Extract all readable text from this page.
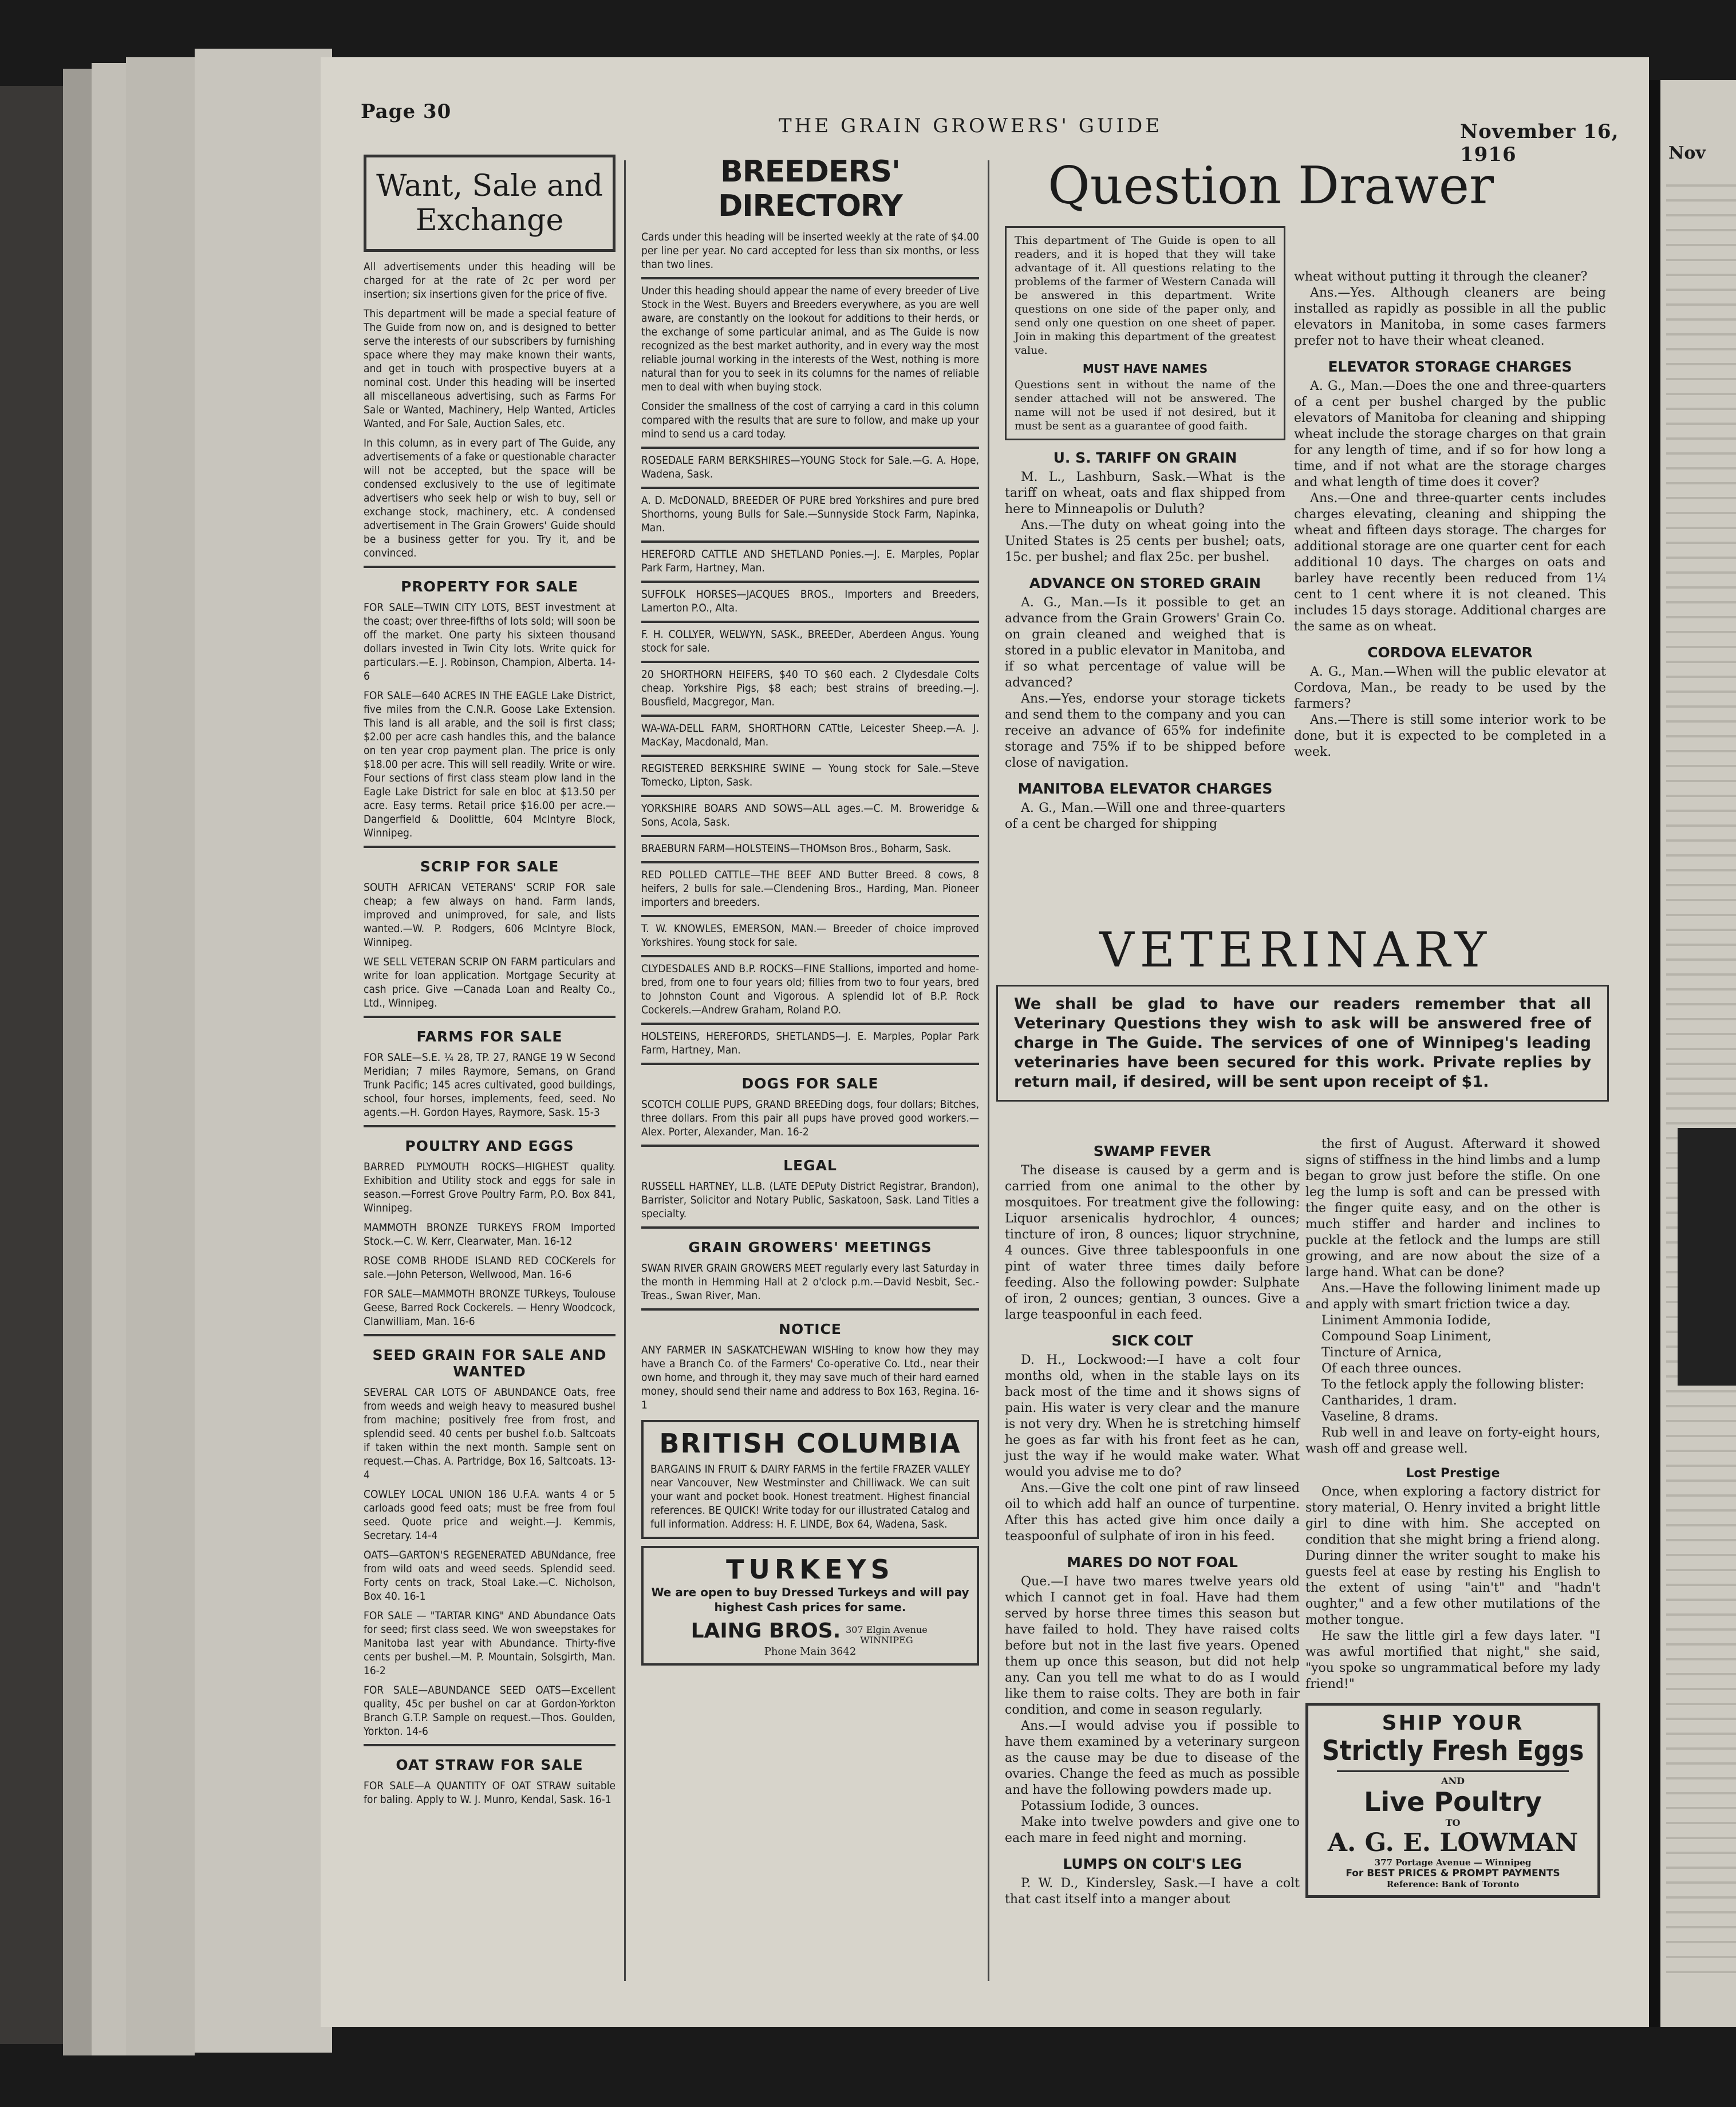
Nov
Page 30
THE GRAIN GROWERS' GUIDE	November 16, 1916
Want, Sale and Exchange

All advertisements under this heading will be charged for at the rate of 2c per word per insertion; six insertions given for the price of five.

This department will be made a special feature of The Guide from now on, and is designed to better serve the interests of our subscribers by furnishing space where they may make known their wants, and get in touch with prospective buyers at a nominal cost. Under this heading will be inserted all miscellaneous advertising, such as Farms For Sale or Wanted, Machinery, Help Wanted, Articles Wanted, and For Sale, Auction Sales, etc.

In this column, as in every part of The Guide, any advertisements of a fake or questionable character will not be accepted, but the space will be condensed exclusively to the use of legitimate advertisers who seek help or wish to buy, sell or exchange stock, machinery, etc. A condensed advertisement in The Grain Growers' Guide should be a business getter for you. Try it, and be convinced.

PROPERTY FOR SALE

FOR SALE—TWIN CITY LOTS, BEST investment at the coast; over three-fifths of lots sold; will soon be off the market. One party his sixteen thousand dollars invested in Twin City lots. Write quick for particulars.—E. J. Robinson, Champion, Alberta. 14-6

FOR SALE—640 ACRES IN THE EAGLE Lake District, five miles from the C.N.R. Goose Lake Extension. This land is all arable, and the soil is first class; $2.00 per acre cash handles this, and the balance on ten year crop payment plan. The price is only $18.00 per acre. This will sell readily. Write or wire. Four sections of first class steam plow land in the Eagle Lake District for sale en bloc at $13.50 per acre. Easy terms. Retail price $16.00 per acre.—Dangerfield & Doolittle, 604 McIntyre Block, Winnipeg.

SCRIP FOR SALE

SOUTH AFRICAN VETERANS' SCRIP FOR sale cheap; a few always on hand. Farm lands, improved and unimproved, for sale, and lists wanted.—W. P. Rodgers, 606 McIntyre Block, Winnipeg.

WE SELL VETERAN SCRIP ON FARM particulars and write for loan application. Mortgage Security at cash price. Give —Canada Loan and Realty Co., Ltd., Winnipeg.

FARMS FOR SALE

FOR SALE—S.E. ¼ 28, TP. 27, RANGE 19 W Second Meridian; 7 miles Raymore, Semans, on Grand Trunk Pacific; 145 acres cultivated, good buildings, school, four horses, implements, feed, seed. No agents.—H. Gordon Hayes, Raymore, Sask. 15-3

POULTRY AND EGGS

BARRED PLYMOUTH ROCKS—HIGHEST quality. Exhibition and Utility stock and eggs for sale in season.—Forrest Grove Poultry Farm, P.O. Box 841, Winnipeg.

MAMMOTH BRONZE TURKEYS FROM Imported Stock.—C. W. Kerr, Clearwater, Man. 16-12

ROSE COMB RHODE ISLAND RED COCKerels for sale.—John Peterson, Wellwood, Man. 16-6

FOR SALE—MAMMOTH BRONZE TURkeys, Toulouse Geese, Barred Rock Cockerels. — Henry Woodcock, Clanwilliam, Man. 16-6

SEED GRAIN FOR SALE AND WANTED

SEVERAL CAR LOTS OF ABUNDANCE Oats, free from weeds and weigh heavy to measured bushel from machine; positively free from frost, and splendid seed. 40 cents per bushel f.o.b. Saltcoats if taken within the next month. Sample sent on request.—Chas. A. Partridge, Box 16, Saltcoats. 13-4

COWLEY LOCAL UNION 186 U.F.A. wants 4 or 5 carloads good feed oats; must be free from foul seed. Quote price and weight.—J. Kemmis, Secretary. 14-4

OATS—GARTON'S REGENERATED ABUNdance, free from wild oats and weed seeds. Splendid seed. Forty cents on track, Stoal Lake.—C. Nicholson, Box 40. 16-1

FOR SALE — "TARTAR KING" AND Abundance Oats for seed; first class seed. We won sweepstakes for Manitoba last year with Abundance. Thirty-five cents per bushel.—M. P. Mountain, Solsgirth, Man. 16-2

FOR SALE—ABUNDANCE SEED OATS—Excellent quality, 45c per bushel on car at Gordon-Yorkton Branch G.T.P. Sample on request.—Thos. Goulden, Yorkton. 14-6

OAT STRAW FOR SALE

FOR SALE—A QUANTITY OF OAT STRAW suitable for baling. Apply to W. J. Munro, Kendal, Sask. 16-1

BREEDERS' DIRECTORY

Cards under this heading will be inserted weekly at the rate of $4.00 per line per year. No card accepted for less than six months, or less than two lines.

Under this heading should appear the name of every breeder of Live Stock in the West. Buyers and Breeders everywhere, as you are well aware, are constantly on the lookout for additions to their herds, or the exchange of some particular animal, and as The Guide is now recognized as the best market authority, and in every way the most reliable journal working in the interests of the West, nothing is more natural than for you to seek in its columns for the names of reliable men to deal with when buying stock.

Consider the smallness of the cost of carrying a card in this column compared with the results that are sure to follow, and make up your mind to send us a card today.

ROSEDALE FARM BERKSHIRES—YOUNG Stock for Sale.—G. A. Hope, Wadena, Sask.

A. D. McDONALD, BREEDER OF PURE bred Yorkshires and pure bred Shorthorns, young Bulls for Sale.—Sunnyside Stock Farm, Napinka, Man.

HEREFORD CATTLE AND SHETLAND Ponies.—J. E. Marples, Poplar Park Farm, Hartney, Man.

SUFFOLK HORSES—JACQUES BROS., Importers and Breeders, Lamerton P.O., Alta.

F. H. COLLYER, WELWYN, SASK., BREEDer, Aberdeen Angus. Young stock for sale.

20 SHORTHORN HEIFERS, $40 TO $60 each. 2 Clydesdale Colts cheap. Yorkshire Pigs, $8 each; best strains of breeding.—J. Bousfield, Macgregor, Man.

WA-WA-DELL FARM, SHORTHORN CATtle, Leicester Sheep.—A. J. MacKay, Macdonald, Man.

REGISTERED BERKSHIRE SWINE — Young stock for Sale.—Steve Tomecko, Lipton, Sask.

YORKSHIRE BOARS AND SOWS—ALL ages.—C. M. Broweridge & Sons, Acola, Sask.

BRAEBURN FARM—HOLSTEINS—THOMson Bros., Boharm, Sask.

RED POLLED CATTLE—THE BEEF AND Butter Breed. 8 cows, 8 heifers, 2 bulls for sale.—Clendening Bros., Harding, Man. Pioneer importers and breeders.

T. W. KNOWLES, EMERSON, MAN.— Breeder of choice improved Yorkshires. Young stock for sale.

CLYDESDALES AND B.P. ROCKS—FINE Stallions, imported and home-bred, from one to four years old; fillies from two to four years, bred to Johnston Count and Vigorous. A splendid lot of B.P. Rock Cockerels.—Andrew Graham, Roland P.O.

HOLSTEINS, HEREFORDS, SHETLANDS—J. E. Marples, Poplar Park Farm, Hartney, Man.

DOGS FOR SALE

SCOTCH COLLIE PUPS, GRAND BREEDing dogs, four dollars; Bitches, three dollars. From this pair all pups have proved good workers.—Alex. Porter, Alexander, Man. 16-2

LEGAL

RUSSELL HARTNEY, LL.B. (LATE DEPuty District Registrar, Brandon), Barrister, Solicitor and Notary Public, Saskatoon, Sask. Land Titles a specialty.

GRAIN GROWERS' MEETINGS

SWAN RIVER GRAIN GROWERS MEET regularly every last Saturday in the month in Hemming Hall at 2 o'clock p.m.—David Nesbit, Sec.-Treas., Swan River, Man.

NOTICE

ANY FARMER IN SASKATCHEWAN WISHing to know how they may have a Branch Co. of the Farmers' Co-operative Co. Ltd., near their own home, and through it, they may save much of their hard earned money, should send their name and address to Box 163, Regina. 16-1

BRITISH COLUMBIA

BARGAINS IN FRUIT & DAIRY FARMS in the fertile FRAZER VALLEY near Vancouver, New Westminster and Chilliwack. We can suit your want and pocket book. Honest treatment. Highest financial references. BE QUICK! Write today for our illustrated Catalog and full information. Address: H. F. LINDE, Box 64, Wadena, Sask.

TURKEYS
We are open to buy Dressed Turkeys and will pay highest Cash prices for same.
LAING BROS. 307 Elgin Avenue WINNIPEG
Phone Main 3642
Question Drawer

This department of The Guide is open to all readers, and it is hoped that they will take advantage of it. All questions relating to the problems of the farmer of Western Canada will be answered in this department. Write questions on one side of the paper only, and send only one question on one sheet of paper. Join in making this department of the greatest value.

MUST HAVE NAMES

Questions sent in without the name of the sender attached will not be answered. The name will not be used if not desired, but it must be sent as a guarantee of good faith.

U. S. TARIFF ON GRAIN

M. L., Lashburn, Sask.—What is the tariff on wheat, oats and flax shipped from here to Minneapolis or Duluth?

Ans.—The duty on wheat going into the United States is 25 cents per bushel; oats, 15c. per bushel; and flax 25c. per bushel.

ADVANCE ON STORED GRAIN

A. G., Man.—Is it possible to get an advance from the Grain Growers' Grain Co. on grain cleaned and weighed that is stored in a public elevator in Manitoba, and if so what percentage of value will be advanced?

Ans.—Yes, endorse your storage tickets and send them to the company and you can receive an advance of 65% for indefinite storage and 75% if to be shipped before close of navigation.

MANITOBA ELEVATOR CHARGES

A. G., Man.—Will one and three-quarters of a cent be charged for shipping

wheat without putting it through the cleaner?

Ans.—Yes. Although cleaners are being installed as rapidly as possible in all the public elevators in Manitoba, in some cases farmers prefer not to have their wheat cleaned.

ELEVATOR STORAGE CHARGES

A. G., Man.—Does the one and three-quarters of a cent per bushel charged by the public elevators of Manitoba for cleaning and shipping wheat include the storage charges on that grain for any length of time, and if so for how long a time, and if not what are the storage charges and what length of time does it cover?

Ans.—One and three-quarter cents includes charges elevating, cleaning and shipping the wheat and fifteen days storage. The charges for additional storage are one quarter cent for each additional 10 days. The charges on oats and barley have recently been reduced from 1¼ cent to 1 cent where it is not cleaned. This includes 15 days storage. Additional charges are the same as on wheat.

CORDOVA ELEVATOR

A. G., Man.—When will the public elevator at Cordova, Man., be ready to be used by the farmers?

Ans.—There is still some interior work to be done, but it is expected to be completed in a week.

VETERINARY

We shall be glad to have our readers remember that all Veterinary Questions they wish to ask will be answered free of charge in The Guide. The services of one of Winnipeg's leading veterinaries have been secured for this work. Private replies by return mail, if desired, will be sent upon receipt of $1.

SWAMP FEVER

The disease is caused by a germ and is carried from one animal to the other by mosquitoes. For treatment give the following: Liquor arsenicalis hydrochlor, 4 ounces; tincture of iron, 8 ounces; liquor strychnine, 4 ounces. Give three tablespoonfuls in one pint of water three times daily before feeding. Also the following powder: Sulphate of iron, 2 ounces; gentian, 3 ounces. Give a large teaspoonful in each feed.

SICK COLT

D. H., Lockwood:—I have a colt four months old, when in the stable lays on its back most of the time and it shows signs of pain. His water is very clear and the manure is not very dry. When he is stretching himself he goes as far with his front feet as he can, just the way if he would make water. What would you advise me to do?

Ans.—Give the colt one pint of raw linseed oil to which add half an ounce of turpentine. After this has acted give him once daily a teaspoonful of sulphate of iron in his feed.

MARES DO NOT FOAL

Que.—I have two mares twelve years old which I cannot get in foal. Have had them served by horse three times this season but have failed to hold. They have raised colts before but not in the last five years. Opened them up once this season, but did not help any. Can you tell me what to do as I would like them to raise colts. They are both in fair condition, and come in season regularly.

Ans.—I would advise you if possible to have them examined by a veterinary surgeon as the cause may be due to disease of the ovaries. Change the feed as much as possible and have the following powders made up.

Potassium Iodide, 3 ounces.

Make into twelve powders and give one to each mare in feed night and morning.

LUMPS ON COLT'S LEG

P. W. D., Kindersley, Sask.—I have a colt that cast itself into a manger about

the first of August. Afterward it showed signs of stiffness in the hind limbs and a lump began to grow just before the stifle. On one leg the lump is soft and can be pressed with the finger quite easy, and on the other is much stiffer and harder and inclines to puckle at the fetlock and the lumps are still growing, and are now about the size of a large hand. What can be done?

Ans.—Have the following liniment made up and apply with smart friction twice a day.

Liniment Ammonia Iodide,

Compound Soap Liniment,

Tincture of Arnica,

Of each three ounces.

To the fetlock apply the following blister:

Cantharides, 1 dram.

Vaseline, 8 drams.

Rub well in and leave on forty-eight hours, wash off and grease well.

Lost Prestige

Once, when exploring a factory district for story material, O. Henry invited a bright little girl to dine with him. She accepted on condition that she might bring a friend along. During dinner the writer sought to make his guests feel at ease by resting his English to the extent of using "ain't" and "hadn't oughter," and a few other mutilations of the mother tongue.

He saw the little girl a few days later. "I was awful mortified that night," she said, "you spoke so ungrammatical before my lady friend!"

SHIP YOUR
Strictly Fresh Eggs
AND
Live Poultry
TO
A. G. E. LOWMAN
377 Portage Avenue — Winnipeg
For BEST PRICES & PROMPT PAYMENTS
Reference: Bank of Toronto
